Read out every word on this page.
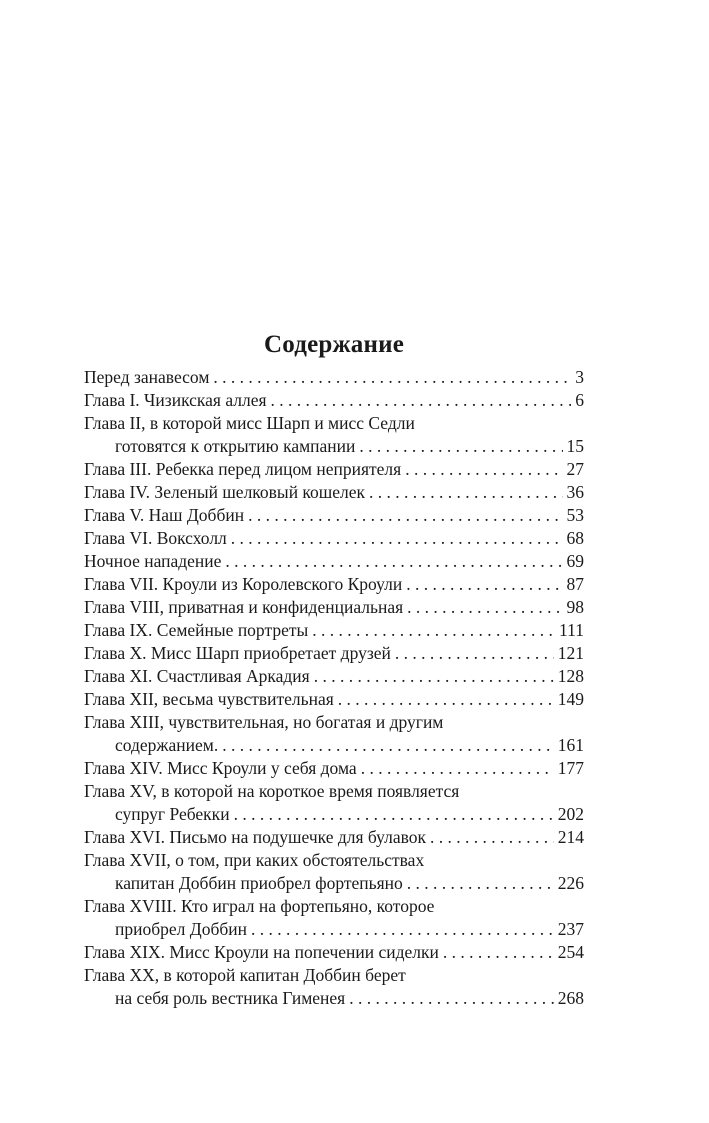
Содержание
Перед занавесом . . .	3
Глава I. Чизикская аллея . . .	6
Глава II, в которой мисс Шарп и мисс Седли
готовятся к открытию кампании . . .	15
Глава III. Ребекка перед лицом неприятеля . . .	27
Глава IV. Зеленый шелковый кошелек . . .	36
Глава V. Наш Доббин . . .	53
Глава VI. Воксхолл . . .	68
Ночное нападение . . .	69
Глава VII. Кроули из Королевского Кроули . . .	87
Глава VIII, приватная и конфиденциальная . . .	98
Глава IX. Семейные портреты . . .	111
Глава X. Мисс Шарп приобретает друзей . . .	121
Глава XI. Счастливая Аркадия . . .	128
Глава XII, весьма чувствительная . . .	149
Глава XIII, чувствительная, но богатая и другим
содержанием. . . .	161
Глава XIV. Мисс Кроули у себя дома . . .	177
Глава XV, в которой на короткое время появляется
супруг Ребекки . . .	202
Глава XVI. Письмо на подушечке для булавок . . .	214
Глава XVII, о том, при каких обстоятельствах
капитан Доббин приобрел фортепьяно . . .	226
Глава XVIII. Кто играл на фортепьяно, которое
приобрел Доббин . . .	237
Глава XIX. Мисс Кроули на попечении сиделки . . .	254
Глава XX, в которой капитан Доббин берет
на себя роль вестника Гименея . . .	268
